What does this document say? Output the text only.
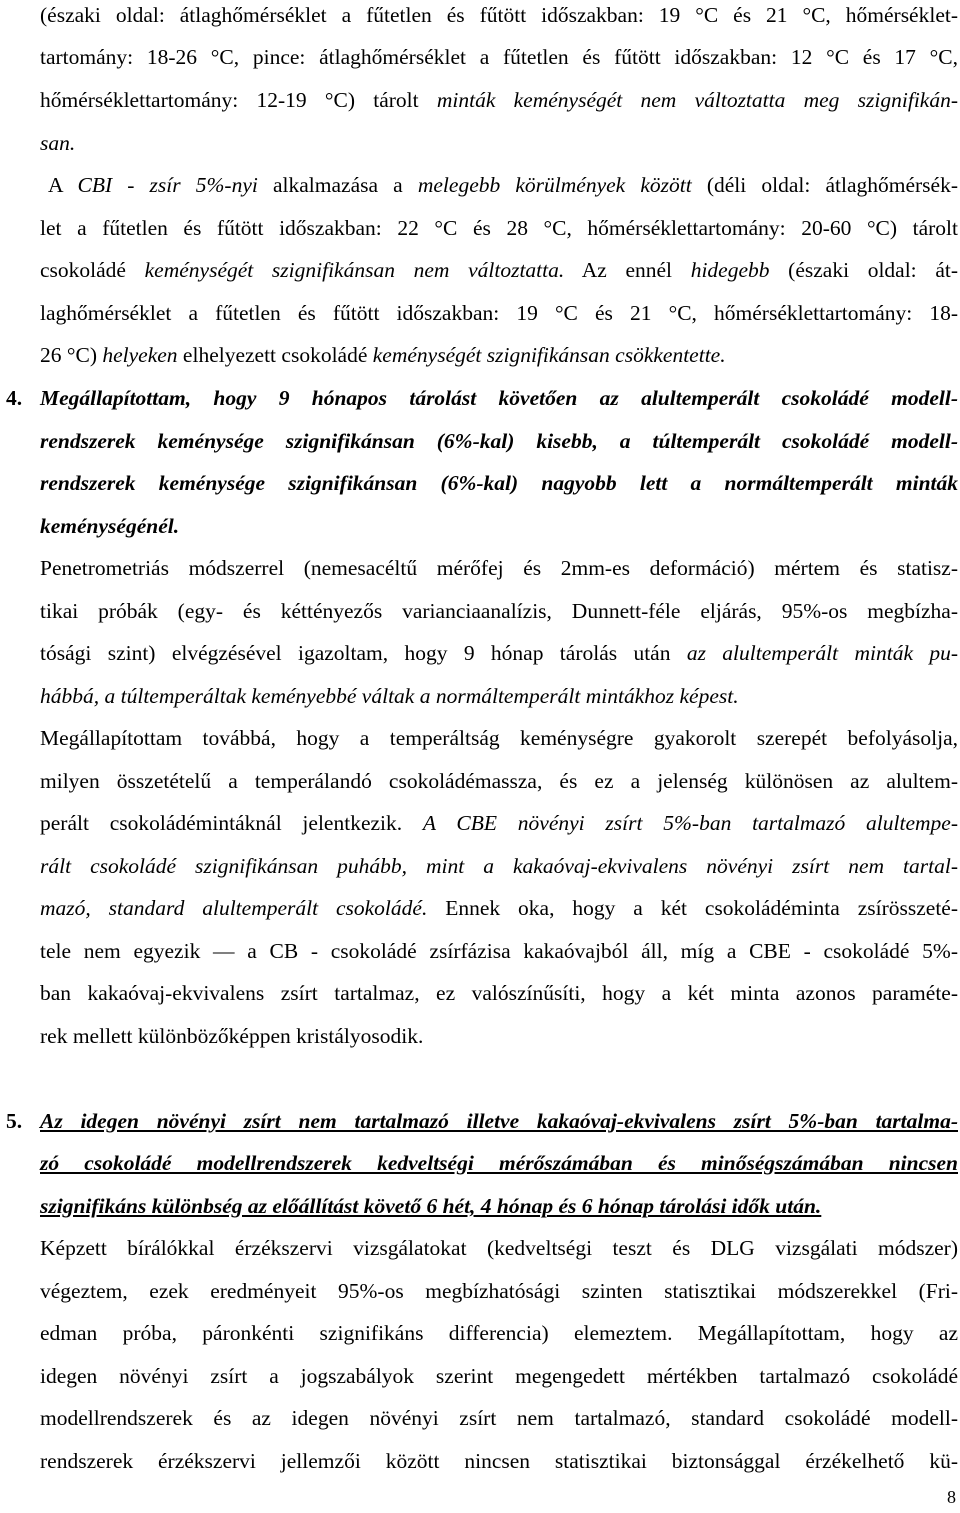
(északi oldal: átlaghőmérséklet a fűtetlen és fűtött időszakban: 19 °C és 21 °C, hőmérséklet-
tartomány: 18-26 °C, pince: átlaghőmérséklet a fűtetlen és fűtött időszakban: 12 °C és 17 °C,
hőmérséklettartomány: 12-19 °C) tárolt minták keménységét nem változtatta meg szignifikán-
san.
A CBI - zsír 5%-nyi alkalmazása a melegebb körülmények között (déli oldal: átlaghőmérsék-
let a fűtetlen és fűtött időszakban: 22 °C és 28 °C, hőmérséklettartomány: 20-60 °C) tárolt
csokoládé keménységét szignifikánsan nem változtatta. Az ennél hidegebb (északi oldal: át-
laghőmérséklet a fűtetlen és fűtött időszakban: 19 °C és 21 °C, hőmérséklettartomány: 18-
26 °C) helyeken elhelyezett csokoládé keménységét szignifikánsan csökkentette.
4. Megállapítottam, hogy 9 hónapos tárolást követően az alultemperált csokoládé modell-
rendszerek keménysége szignifikánsan (6%-kal) kisebb, a túltemperált csokoládé modell-
rendszerek keménysége szignifikánsan (6%-kal) nagyobb lett a normáltemperált minták
keménységénél.
Penetrometriás módszerrel (nemesacéltű mérőfej és 2mm-es deformáció) mértem és statisz-
tikai próbák (egy- és kéttényezős varianciaanalízis, Dunnett-féle eljárás, 95%-os megbízha-
tósági szint) elvégzésével igazoltam, hogy 9 hónap tárolás után az alultemperált minták pu-
hábbá, a túltemperáltak keményebbé váltak a normáltemperált mintákhoz képest.
Megállapítottam továbbá, hogy a temperáltság keménységre gyakorolt szerepét befolyásolja,
milyen összetételű a temperálandó csokoládémassza, és ez a jelenség különösen az alultem-
perált csokoládémintáknál jelentkezik. A CBE növényi zsírt 5%-ban tartalmazó alultempe-
rált csokoládé szignifikánsan puhább, mint a kakaóvaj-ekvivalens növényi zsírt nem tartal-
mazó, standard alultemperált csokoládé. Ennek oka, hogy a két csokoládéminta zsírösszeté-
tele nem egyezik — a CB - csokoládé zsírfázisa kakaóvajból áll, míg a CBE - csokoládé 5%-
ban kakaóvaj-ekvivalens zsírt tartalmaz, ez valószínűsíti, hogy a két minta azonos paraméte-
rek mellett különbözőképpen kristályosodik.
5. Az idegen növényi zsírt nem tartalmazó illetve kakaóvaj-ekvivalens zsírt 5%-ban tartalma-
zó csokoládé modellrendszerek kedveltségi mérőszámában és minőségszámában nincsen
szignifikáns különbség az előállítást követő 6 hét, 4 hónap és 6 hónap tárolási idők után.
Képzett bírálókkal érzékszervi vizsgálatokat (kedveltségi teszt és DLG vizsgálati módszer)
végeztem, ezek eredményeit 95%-os megbízhatósági szinten statisztikai módszerekkel (Fri-
edman próba, páronkénti szignifikáns differencia) elemeztem. Megállapítottam, hogy az
idegen növényi zsírt a jogszabályok szerint megengedett mértékben tartalmazó csokoládé
modellrendszerek és az idegen növényi zsírt nem tartalmazó, standard csokoládé modell-
rendszerek érzékszervi jellemzői között nincsen statisztikai biztonsággal érzékelhető kü-
8
